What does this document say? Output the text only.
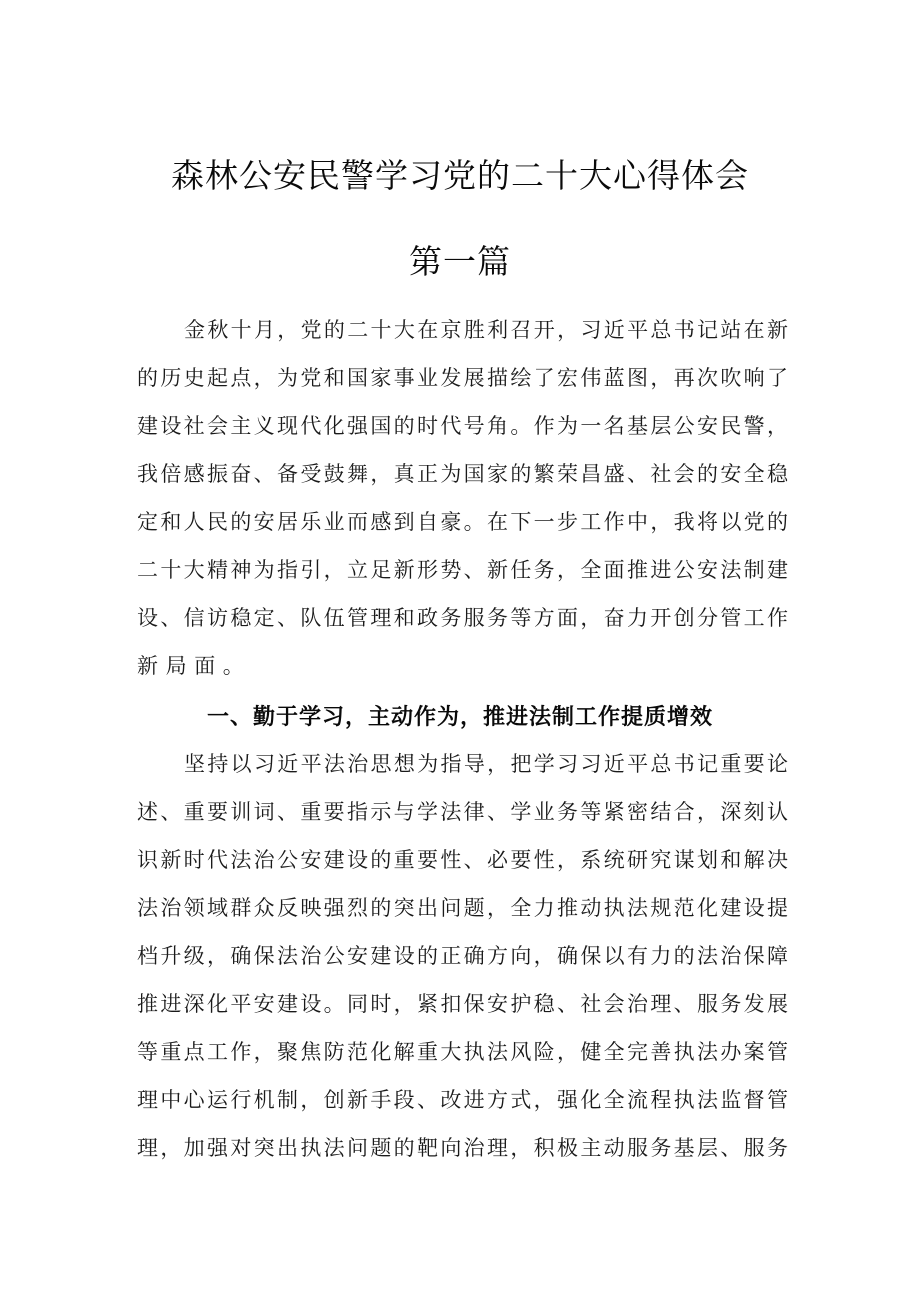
森林公安民警学习党的二十大心得体会
第一篇
金秋十月，党的二十大在京胜利召开，习近平总书记站在新
的历史起点，为党和国家事业发展描绘了宏伟蓝图，再次吹响了
建设社会主义现代化强国的时代号角。作为一名基层公安民警，
我倍感振奋、备受鼓舞，真正为国家的繁荣昌盛、社会的安全稳
定和人民的安居乐业而感到自豪。在下一步工作中，我将以党的
二十大精神为指引，立足新形势、新任务，全面推进公安法制建
设、信访稳定、队伍管理和政务服务等方面，奋力开创分管工作
新局面。
一、勤于学习，主动作为，推进法制工作提质增效
坚持以习近平法治思想为指导，把学习习近平总书记重要论
述、重要训词、重要指示与学法律、学业务等紧密结合，深刻认
识新时代法治公安建设的重要性、必要性，系统研究谋划和解决
法治领域群众反映强烈的突出问题，全力推动执法规范化建设提
档升级，确保法治公安建设的正确方向，确保以有力的法治保障
推进深化平安建设。同时，紧扣保安护稳、社会治理、服务发展
等重点工作，聚焦防范化解重大执法风险，健全完善执法办案管
理中心运行机制，创新手段、改进方式，强化全流程执法监督管
理，加强对突出执法问题的靶向治理，积极主动服务基层、服务
